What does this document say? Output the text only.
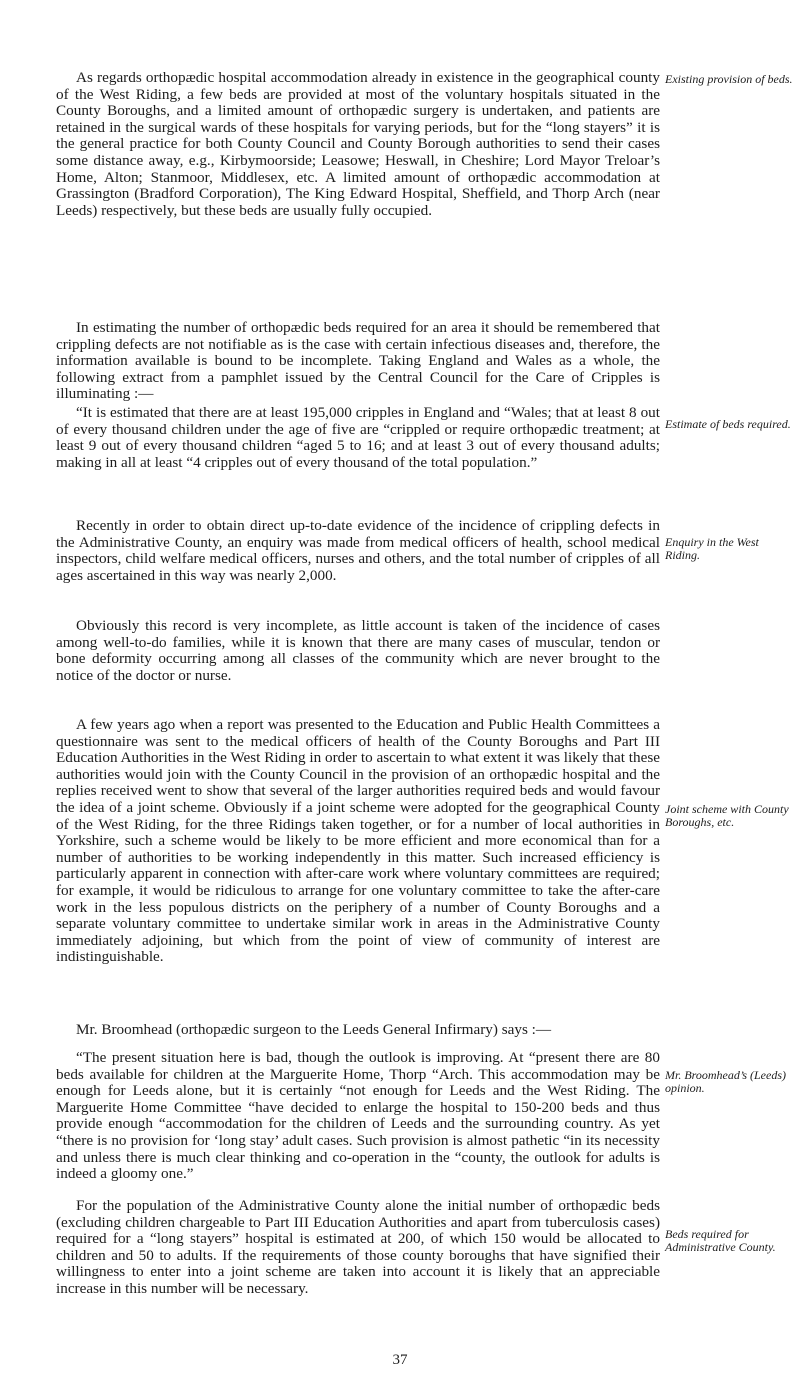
As regards orthopædic hospital accommodation already in existence in the geographical county of the West Riding, a few beds are provided at most of the voluntary hospitals situated in the County Boroughs, and a limited amount of orthopædic surgery is undertaken, and patients are retained in the surgical wards of these hospitals for varying periods, but for the “long stayers” it is the general practice for both County Council and County Borough authorities to send their cases some distance away, e.g., Kirbymoorside; Leasowe; Heswall, in Cheshire; Lord Mayor Treloar’s Home, Alton; Stanmoor, Middlesex, etc. A limited amount of orthopædic accommodation at Grassington (Bradford Corporation), The King Edward Hospital, Sheffield, and Thorp Arch (near Leeds) respectively, but these beds are usually fully occupied.

Existing provision of beds.

In estimating the number of orthopædic beds required for an area it should be remembered that crippling defects are not notifiable as is the case with certain infectious diseases and, therefore, the information available is bound to be incomplete. Taking England and Wales as a whole, the following extract from a pamphlet issued by the Central Council for the Care of Cripples is illuminating :—

“It is estimated that there are at least 195,000 cripples in England and “Wales; that at least 8 out of every thousand children under the age of five are “crippled or require orthopædic treatment; at least 9 out of every thousand children “aged 5 to 16; and at least 3 out of every thousand adults; making in all at least “4 cripples out of every thousand of the total population.”

Estimate of beds required.

Recently in order to obtain direct up-to-date evidence of the incidence of crippling defects in the Administrative County, an enquiry was made from medical officers of health, school medical inspectors, child welfare medical officers, nurses and others, and the total number of cripples of all ages ascertained in this way was nearly 2,000.

Enquiry in the West Riding.

Obviously this record is very incomplete, as little account is taken of the incidence of cases among well-to-do families, while it is known that there are many cases of muscular, tendon or bone deformity occurring among all classes of the community which are never brought to the notice of the doctor or nurse.

A few years ago when a report was presented to the Education and Public Health Committees a questionnaire was sent to the medical officers of health of the County Boroughs and Part III Education Authorities in the West Riding in order to ascertain to what extent it was likely that these authorities would join with the County Council in the provision of an orthopædic hospital and the replies received went to show that several of the larger authorities required beds and would favour the idea of a joint scheme. Obviously if a joint scheme were adopted for the geographical County of the West Riding, for the three Ridings taken together, or for a number of local authorities in Yorkshire, such a scheme would be likely to be more efficient and more economical than for a number of authorities to be working independently in this matter. Such increased efficiency is particularly apparent in connection with after-care work where voluntary committees are required; for example, it would be ridiculous to arrange for one voluntary committee to take the after-care work in the less populous districts on the periphery of a number of County Boroughs and a separate voluntary committee to undertake similar work in areas in the Administrative County immediately adjoining, but which from the point of view of community of interest are indistinguishable.

Joint scheme with County Boroughs, etc.

Mr. Broomhead (orthopædic surgeon to the Leeds General Infirmary) says :—

“The present situation here is bad, though the outlook is improving. At “present there are 80 beds available for children at the Marguerite Home, Thorp “Arch. This accommodation may be enough for Leeds alone, but it is certainly “not enough for Leeds and the West Riding. The Marguerite Home Committee “have decided to enlarge the hospital to 150-200 beds and thus provide enough “accommodation for the children of Leeds and the surrounding country. As yet “there is no provision for ‘long stay’ adult cases. Such provision is almost pathetic “in its necessity and unless there is much clear thinking and co-operation in the “county, the outlook for adults is indeed a gloomy one.”

Mr. Broomhead’s (Leeds) opinion.

For the population of the Administrative County alone the initial number of orthopædic beds (excluding children chargeable to Part III Education Authorities and apart from tuberculosis cases) required for a “long stayers” hospital is estimated at 200, of which 150 would be allocated to children and 50 to adults. If the requirements of those county boroughs that have signified their willingness to enter into a joint scheme are taken into account it is likely that an appreciable increase in this number will be necessary.

Beds required for Administrative County.
37
